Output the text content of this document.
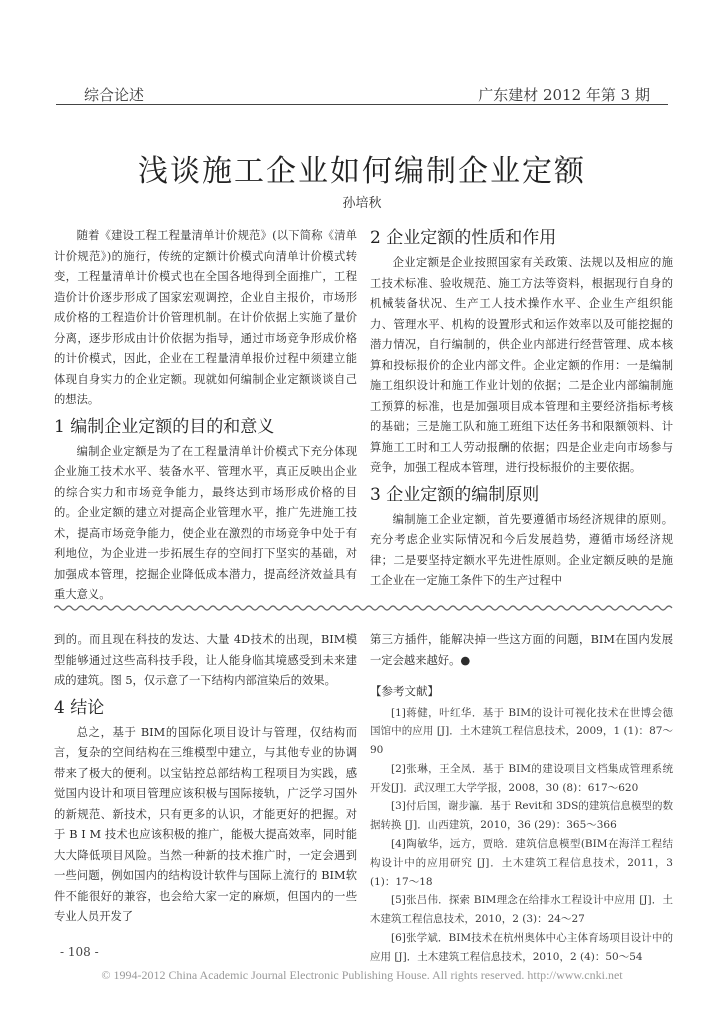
综合论述	广东建材 2012 年第 3 期
浅谈施工企业如何编制企业定额
孙培秋

随着《建设工程工程量清单计价规范》(以下简称《清单计价规范》)的施行，传统的定额计价模式向清单计价模式转变，工程量清单计价模式也在全国各地得到全面推广，工程造价计价逐步形成了国家宏观调控，企业自主报价，市场形成价格的工程造价计价管理机制。在计价依据上实施了量价分离，逐步形成由计价依据为指导，通过市场竞争形成价格的计价模式，因此，企业在工程量清单报价过程中须建立能体现自身实力的企业定额。现就如何编制企业定额谈谈自己的想法。

1 编制企业定额的目的和意义

编制企业定额是为了在工程量清单计价模式下充分体现企业施工技术水平、装备水平、管理水平，真正反映出企业的综合实力和市场竞争能力，最终达到市场形成价格的目的。企业定额的建立对提高企业管理水平，推广先进施工技术，提高市场竞争能力，使企业在激烈的市场竞争中处于有利地位，为企业进一步拓展生存的空间打下坚实的基础，对加强成本管理，挖掘企业降低成本潜力，提高经济效益具有重大意义。

2 企业定额的性质和作用

企业定额是企业按照国家有关政策、法规以及相应的施工技术标准、验收规范、施工方法等资料，根据现行自身的机械装备状况、生产工人技术操作水平、企业生产组织能力、管理水平、机构的设置形式和运作效率以及可能挖掘的潜力情况，自行编制的，供企业内部进行经营管理、成本核算和投标报价的企业内部文件。企业定额的作用：一是编制施工组织设计和施工作业计划的依据；二是企业内部编制施工预算的标准，也是加强项目成本管理和主要经济指标考核的基础；三是施工队和施工班组下达任务书和限额领料、计算施工工时和工人劳动报酬的依据；四是企业走向市场参与竞争，加强工程成本管理，进行投标报价的主要依据。

3 企业定额的编制原则

编制施工企业定额，首先要遵循市场经济规律的原则。充分考虑企业实际情况和今后发展趋势，遵循市场经济规律；二是要坚持定额水平先进性原则。企业定额反映的是施工企业在一定施工条件下的生产过程中

到的。而且现在科技的发达、大量 4D技术的出现，BIM模型能够通过这些高科技手段，让人能身临其境感受到未来建成的建筑。图 5，仅示意了一下结构内部渲染后的效果。

4 结论

总之，基于 BIM的国际化项目设计与管理，仅结构而言，复杂的空间结构在三维模型中建立，与其他专业的协调带来了极大的便利。以宝钻控总部结构工程项目为实践，感觉国内设计和项目管理应该积极与国际接轨，广泛学习国外的新规范、新技术，只有更多的认识，才能更好的把握。对于 B I M 技术也应该积极的推广，能极大提高效率，同时能大大降低项目风险。当然一种新的技术推广时，一定会遇到一些问题，例如国内的结构设计软件与国际上流行的 BIM软件不能很好的兼容，也会给大家一定的麻烦，但国内的一些专业人员开发了

第三方插件，能解决掉一些这方面的问题，BIM在国内发展一定会越来越好。●

【参考文献】

[1]蒋健，叶红华．基于 BIM的设计可视化技术在世博会德国馆中的应用 [J]．土木建筑工程信息技术，2009，1 (1)：87～90

[2]张琳，王全凤．基于 BIM的建设项目文档集成管理系统开发[J]．武汉理工大学学报，2008，30 (8)：617～620

[3]付后国，谢步瀛．基于 Revit和 3DS的建筑信息模型的数据转换 [J]．山西建筑，2010，36 (29)：365～366

[4]陶敏华，远方，贾晗．建筑信息模型(BIM在海洋工程结构设计中的应用研究 [J]．土木建筑工程信息技术，2011，3 (1)：17～18

[5]张吕伟．探索 BIM理念在给排水工程设计中应用 [J]．土木建筑工程信息技术，2010，2 (3)：24～27

[6]张学斌．BIM技术在杭州奥体中心主体育场项目设计中的应用 [J]．土木建筑工程信息技术，2010，2 (4)：50～54

- 108 -
© 1994-2012 China Academic Journal Electronic Publishing House. All rights reserved. http://www.cnki.net
